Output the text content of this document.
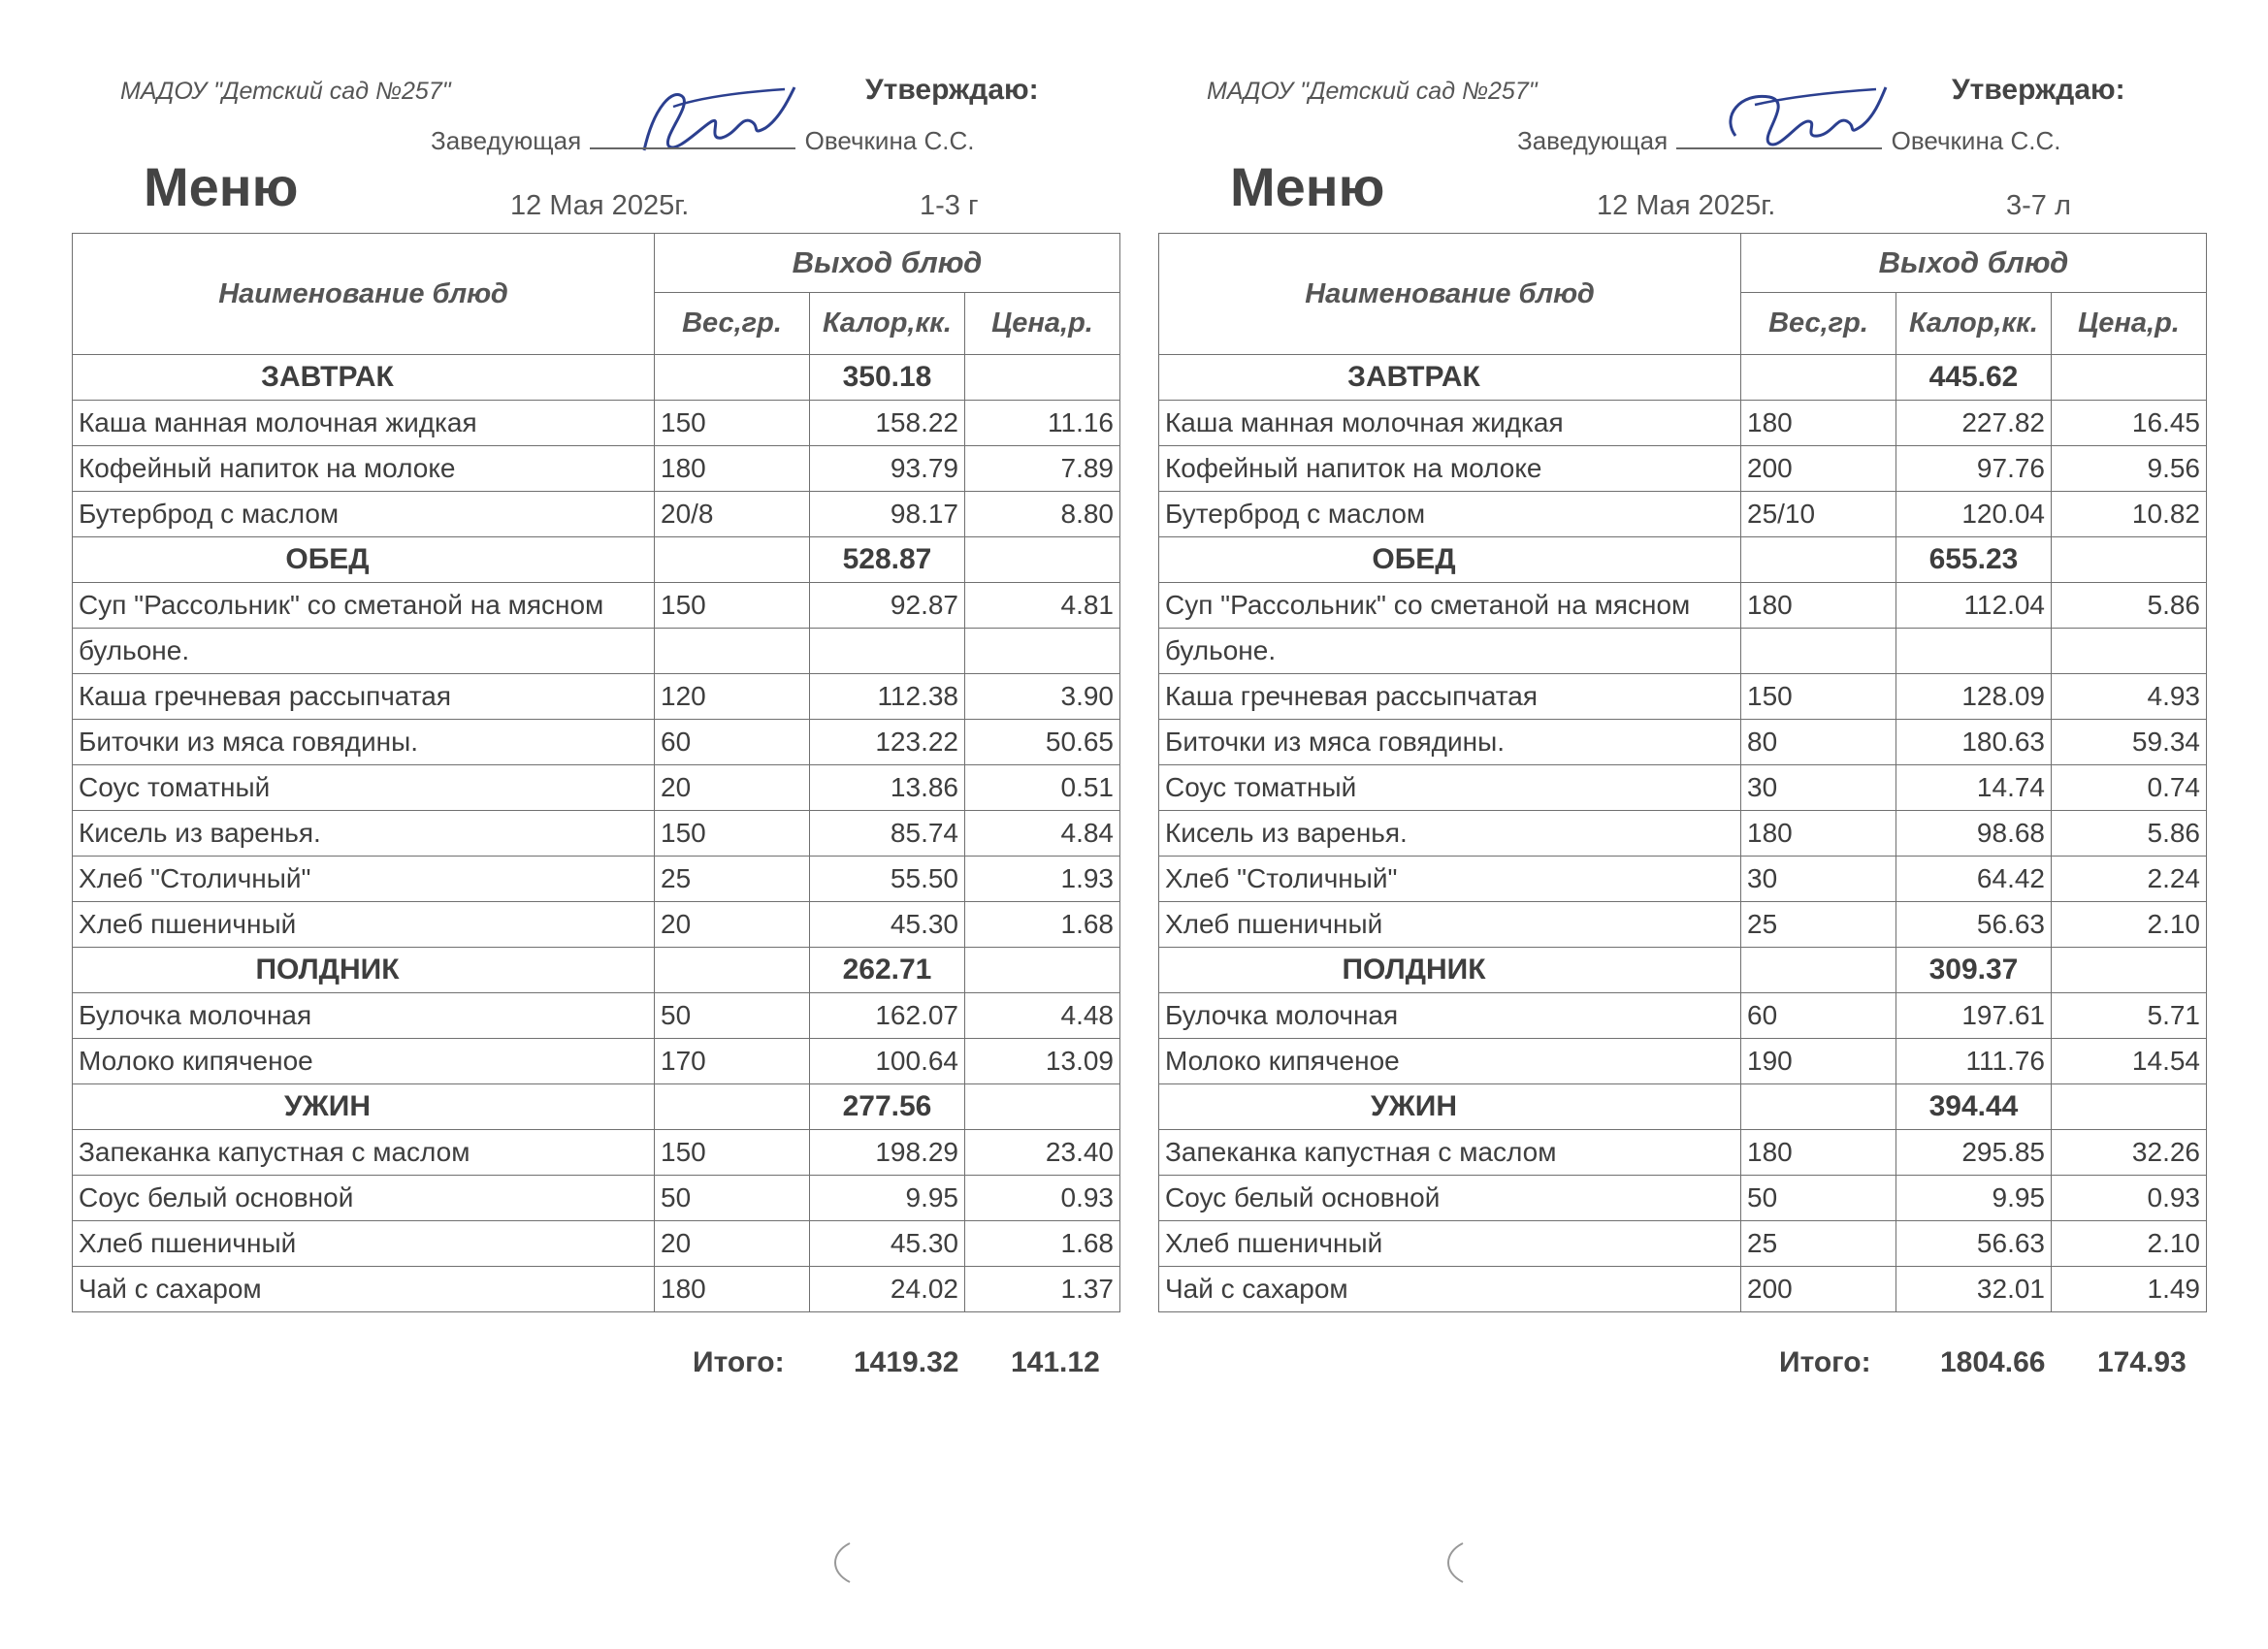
МАДОУ "Детский сад №257"	Утверждаю:
Заведующая	Овечкина С.С.
Меню	12 Мая 2025г.	1-3 г
Наименование блюд	Выход блюд		
	Вес,гр.	Калор,кк.	Цена,р.
ЗАВТРАК		350.18	
Каша манная молочная жидкая	150	158.22	11.16
Кофейный напиток на молоке	180	93.79	7.89
Бутерброд с маслом	20/8	98.17	8.80
ОБЕД		528.87	
Суп "Рассольник" со сметаной на мясном	150	92.87	4.81
бульоне.			
Каша гречневая рассыпчатая	120	112.38	3.90
Биточки из мяса говядины.	60	123.22	50.65
Соус томатный	20	13.86	0.51
Кисель из варенья.	150	85.74	4.84
Хлеб "Столичный"	25	55.50	1.93
Хлеб пшеничный	20	45.30	1.68
ПОЛДНИК		262.71	
Булочка молочная	50	162.07	4.48
Молоко кипяченое	170	100.64	13.09
УЖИН		277.56	
Запеканка капустная с маслом	150	198.29	23.40
Соус белый основной	50	9.95	0.93
Хлеб пшеничный	20	45.30	1.68
Чай с сахаром	180	24.02	1.37
Итого: 1419.32 141.12
МАДОУ "Детский сад №257"	Утверждаю:
Заведующая	Овечкина С.С.
Меню	12 Мая 2025г.	3-7 л
Наименование блюд	Выход блюд		
	Вес,гр.	Калор,кк.	Цена,р.
ЗАВТРАК		445.62	
Каша манная молочная жидкая	180	227.82	16.45
Кофейный напиток на молоке	200	97.76	9.56
Бутерброд с маслом	25/10	120.04	10.82
ОБЕД		655.23	
Суп "Рассольник" со сметаной на мясном	180	112.04	5.86
бульоне.			
Каша гречневая рассыпчатая	150	128.09	4.93
Биточки из мяса говядины.	80	180.63	59.34
Соус томатный	30	14.74	0.74
Кисель из варенья.	180	98.68	5.86
Хлеб "Столичный"	30	64.42	2.24
Хлеб пшеничный	25	56.63	2.10
ПОЛДНИК		309.37	
Булочка молочная	60	197.61	5.71
Молоко кипяченое	190	111.76	14.54
УЖИН		394.44	
Запеканка капустная с маслом	180	295.85	32.26
Соус белый основной	50	9.95	0.93
Хлеб пшеничный	25	56.63	2.10
Чай с сахаром	200	32.01	1.49
Итого: 1804.66 174.93
